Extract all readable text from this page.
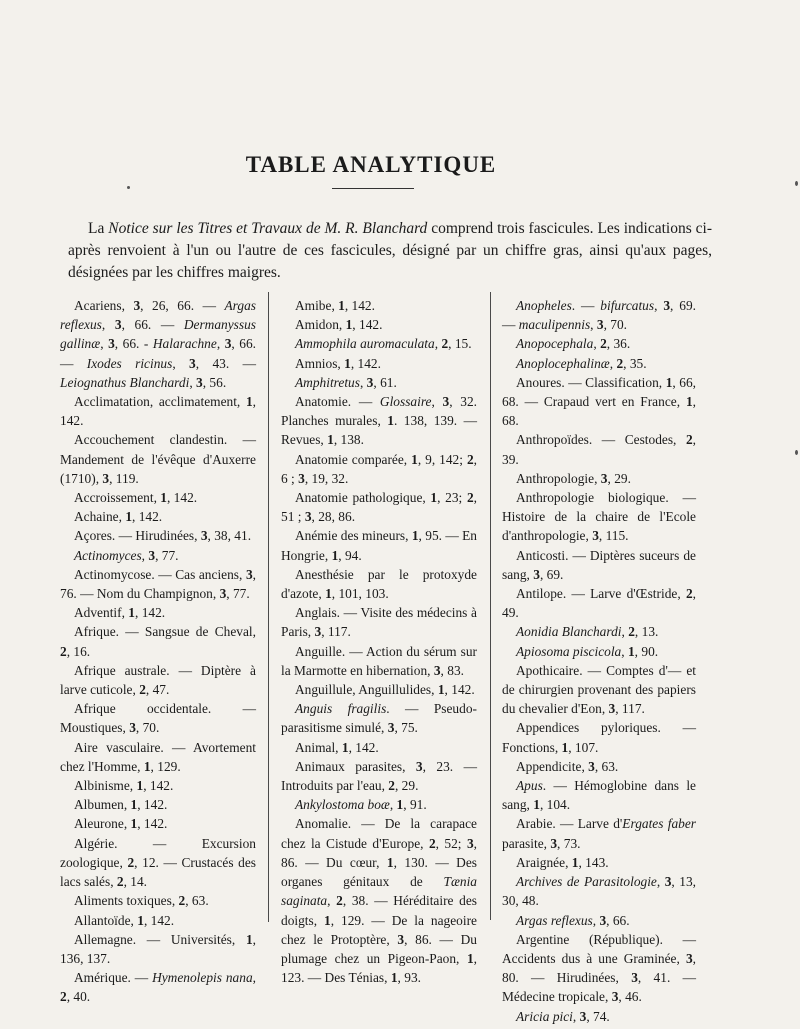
TABLE ANALYTIQUE

La Notice sur les Titres et Travaux de M. R. Blanchard comprend trois fascicules. Les indications ci-après renvoient à l'un ou l'autre de ces fascicules, désigné par un chiffre gras, ainsi qu'aux pages, désignées par les chiffres maigres.

Acariens, 3, 26, 66. — Argas reflexus, 3, 66. — Dermanyssus gallinæ, 3, 66. - Halarachne, 3, 66. — Ixodes ricinus, 3, 43. — Leiognathus Blanchardi, 3, 56.

Acclimatation, acclimatement, 1, 142.

Accouchement clandestin. — Mandement de l'évêque d'Auxerre (1710), 3, 119.

Accroissement, 1, 142.

Achaine, 1, 142.

Açores. — Hirudinées, 3, 38, 41.

Actinomyces, 3, 77.

Actinomycose. — Cas anciens, 3, 76. — Nom du Champignon, 3, 77.

Adventif, 1, 142.

Afrique. — Sangsue de Cheval, 2, 16.

Afrique australe. — Diptère à larve cuticole, 2, 47.

Afrique occidentale. — Moustiques, 3, 70.

Aire vasculaire. — Avortement chez l'Homme, 1, 129.

Albinisme, 1, 142.

Albumen, 1, 142.

Aleurone, 1, 142.

Algérie. — Excursion zoologique, 2, 12. — Crustacés des lacs salés, 2, 14.

Aliments toxiques, 2, 63.

Allantoïde, 1, 142.

Allemagne. — Universités, 1, 136, 137.

Amérique. — Hymenolepis nana, 2, 40.

Amibe, 1, 142.

Amidon, 1, 142.

Ammophila auromaculata, 2, 15.

Amnios, 1, 142.

Amphitretus, 3, 61.

Anatomie. — Glossaire, 3, 32. Planches murales, 1. 138, 139. — Revues, 1, 138.

Anatomie comparée, 1, 9, 142; 2, 6 ; 3, 19, 32.

Anatomie pathologique, 1, 23; 2, 51 ; 3, 28, 86.

Anémie des mineurs, 1, 95. — En Hongrie, 1, 94.

Anesthésie par le protoxyde d'azote, 1, 101, 103.

Anglais. — Visite des médecins à Paris, 3, 117.

Anguille. — Action du sérum sur la Marmotte en hibernation, 3, 83.

Anguillule, Anguillulides, 1, 142.

Anguis fragilis. — Pseudo-parasitisme simulé, 3, 75.

Animal, 1, 142.

Animaux parasites, 3, 23. — Introduits par l'eau, 2, 29.

Ankylostoma boæ, 1, 91.

Anomalie. — De la carapace chez la Cistude d'Europe, 2, 52; 3, 86. — Du cœur, 1, 130. — Des organes génitaux de Tænia saginata, 2, 38. — Héréditaire des doigts, 1, 129. — De la nageoire chez le Protoptère, 3, 86. — Du plumage chez un Pigeon-Paon, 1, 123. — Des Ténias, 1, 93.

Anopheles. — bifurcatus, 3, 69. — maculipennis, 3, 70.

Anopocephala, 2, 36.

Anoplocephalinæ, 2, 35.

Anoures. — Classification, 1, 66, 68. — Crapaud vert en France, 1, 68.

Anthropoïdes. — Cestodes, 2, 39.

Anthropologie, 3, 29.

Anthropologie biologique. — Histoire de la chaire de l'Ecole d'anthropologie, 3, 115.

Anticosti. — Diptères suceurs de sang, 3, 69.

Antilope. — Larve d'Œstride, 2, 49.

Aonidia Blanchardi, 2, 13.

Apiosoma piscicola, 1, 90.

Apothicaire. — Comptes d'— et de chirurgien provenant des papiers du chevalier d'Eon, 3, 117.

Appendices pyloriques. — Fonctions, 1, 107.

Appendicite, 3, 63.

Apus. — Hémoglobine dans le sang, 1, 104.

Arabie. — Larve d'Ergates faber parasite, 3, 73.

Araignée, 1, 143.

Archives de Parasitologie, 3, 13, 30, 48.

Argas reflexus, 3, 66.

Argentine (République). — Accidents dus à une Graminée, 3, 80. — Hirudinées, 3, 41. — Médecine tropicale, 3, 46.

Aricia pici, 3, 74.
